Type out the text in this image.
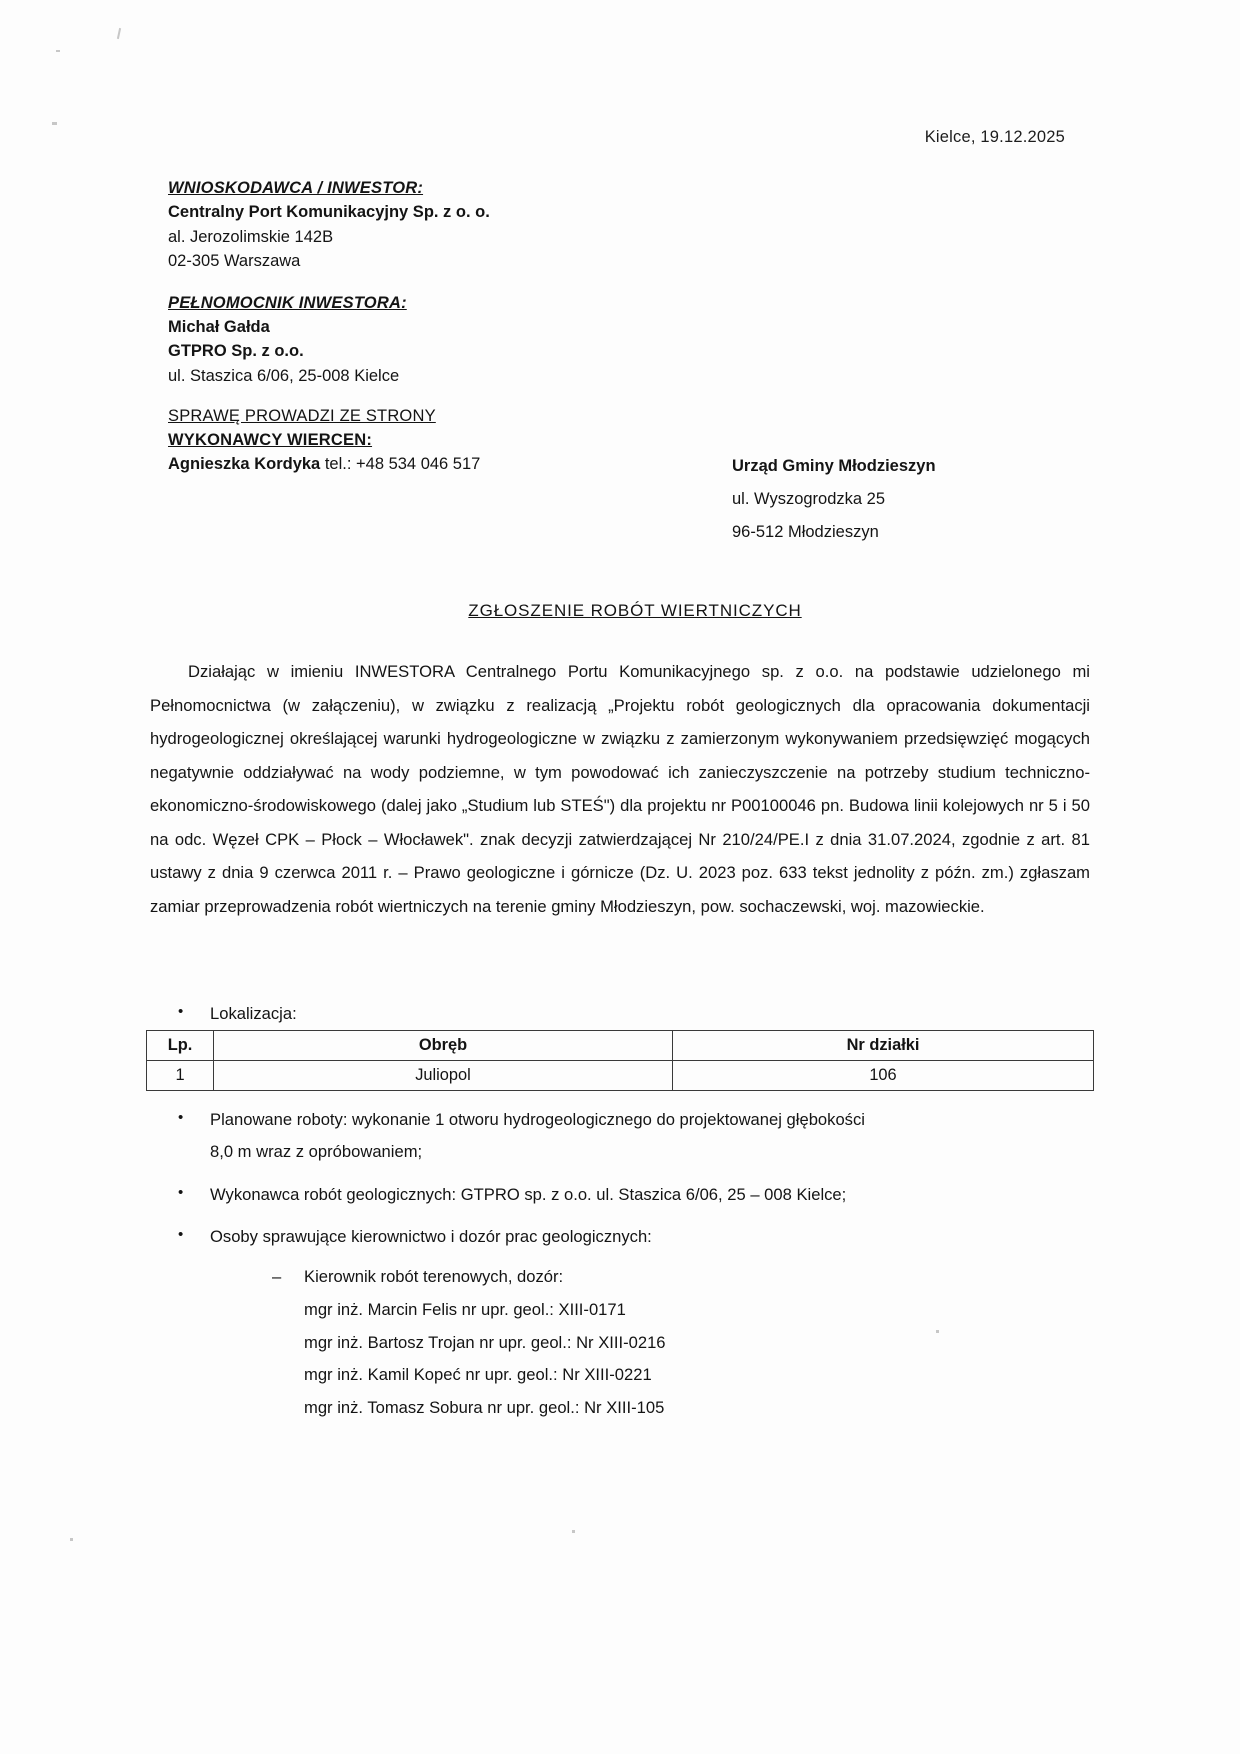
Kielce, 19.12.2025
WNIOSKODAWCA / INWESTOR:
Centralny Port Komunikacyjny Sp. z o. o.
al. Jerozolimskie 142B
02-305 Warszawa
PEŁNOMOCNIK INWESTORA:
Michał Gałda
GTPRO Sp. z o.o.
ul. Staszica 6/06, 25-008 Kielce
SPRAWĘ PROWADZI ZE STRONY
WYKONAWCY WIERCEN:
Agnieszka Kordyka tel.: +48 534 046 517	Urząd Gminy Młodzieszyn
ul. Wyszogrodzka 25
96-512 Młodzieszyn
ZGŁOSZENIE ROBÓT WIERTNICZYCH

Działając w imieniu INWESTORA Centralnego Portu Komunikacyjnego sp. z o.o. na podstawie udzielonego mi Pełnomocnictwa (w załączeniu), w związku z realizacją „Projektu robót geologicznych dla opracowania dokumentacji hydrogeologicznej określającej warunki hydrogeologiczne w związku z zamierzonym wykonywaniem przedsięwzięć mogących negatywnie oddziaływać na wody podziemne, w tym powodować ich zanieczyszczenie na potrzeby studium techniczno-ekonomiczno-środowiskowego (dalej jako „Studium lub STEŚ") dla projektu nr P00100046 pn. Budowa linii kolejowych nr 5 i 50 na odc. Węzeł CPK – Płock – Włocławek". znak decyzji zatwierdzającej Nr 210/24/PE.I z dnia 31.07.2024, zgodnie z art. 81 ustawy z dnia 9 czerwca 2011 r. – Prawo geologiczne i górnicze (Dz. U. 2023 poz. 633 tekst jednolity z późn. zm.) zgłaszam zamiar przeprowadzenia robót wiertniczych na terenie gminy Młodzieszyn, pow. sochaczewski, woj. mazowieckie.

•	Lokalizacja:
Lp.	Obręb	Nr działki
1	Juliopol	106
•	Planowane roboty: wykonanie 1 otworu hydrogeologicznego do projektowanej głębokości
8,0 m wraz z opróbowaniem;
•	Wykonawca robót geologicznych: GTPRO sp. z o.o. ul. Staszica 6/06, 25 – 008 Kielce;
•	Osoby sprawujące kierownictwo i dozór prac geologicznych:
–	Kierownik robót terenowych, dozór:
mgr inż. Marcin Felis nr upr. geol.: XIII-0171
mgr inż. Bartosz Trojan nr upr. geol.: Nr XIII-0216
mgr inż. Kamil Kopeć nr upr. geol.: Nr XIII-0221
mgr inż. Tomasz Sobura nr upr. geol.: Nr XIII-105
